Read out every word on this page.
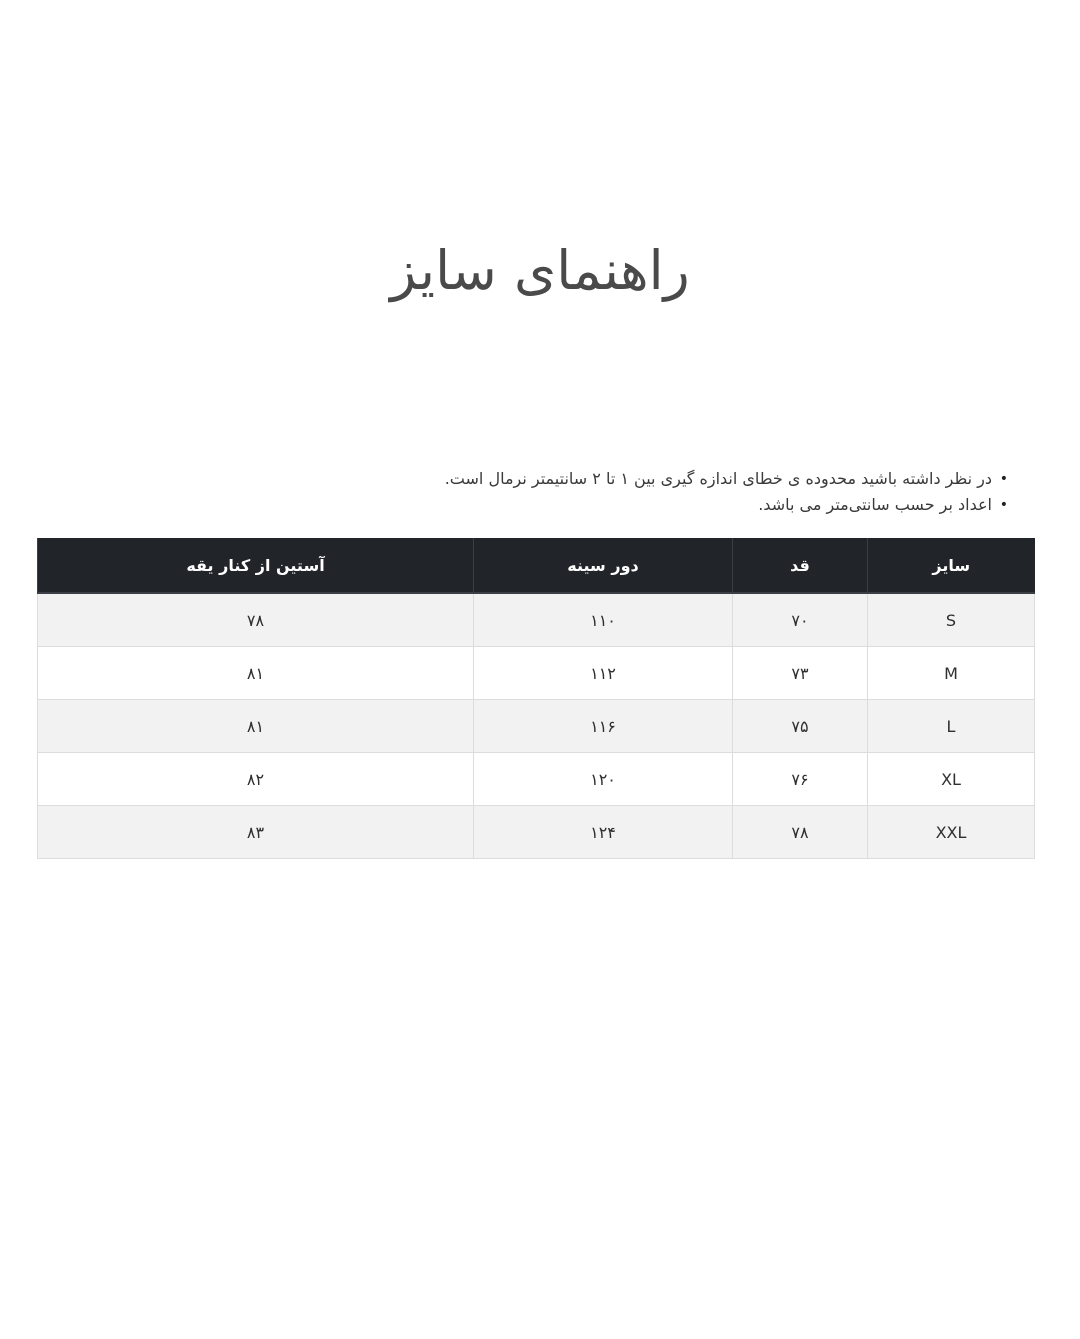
راهنمای سایز
•
در نظر داشته باشید محدوده ی خطای اندازه گیری بین ۱ تا ۲ سانتیمتر نرمال است.
•
اعداد بر حسب سانتی‌متر می باشد.
سایز	قد	دور سینه	آستین از کنار یقه
S	۷۰	۱۱۰	۷۸
M	۷۳	۱۱۲	۸۱
L	۷۵	۱۱۶	۸۱
XL	۷۶	۱۲۰	۸۲
XXL	۷۸	۱۲۴	۸۳
